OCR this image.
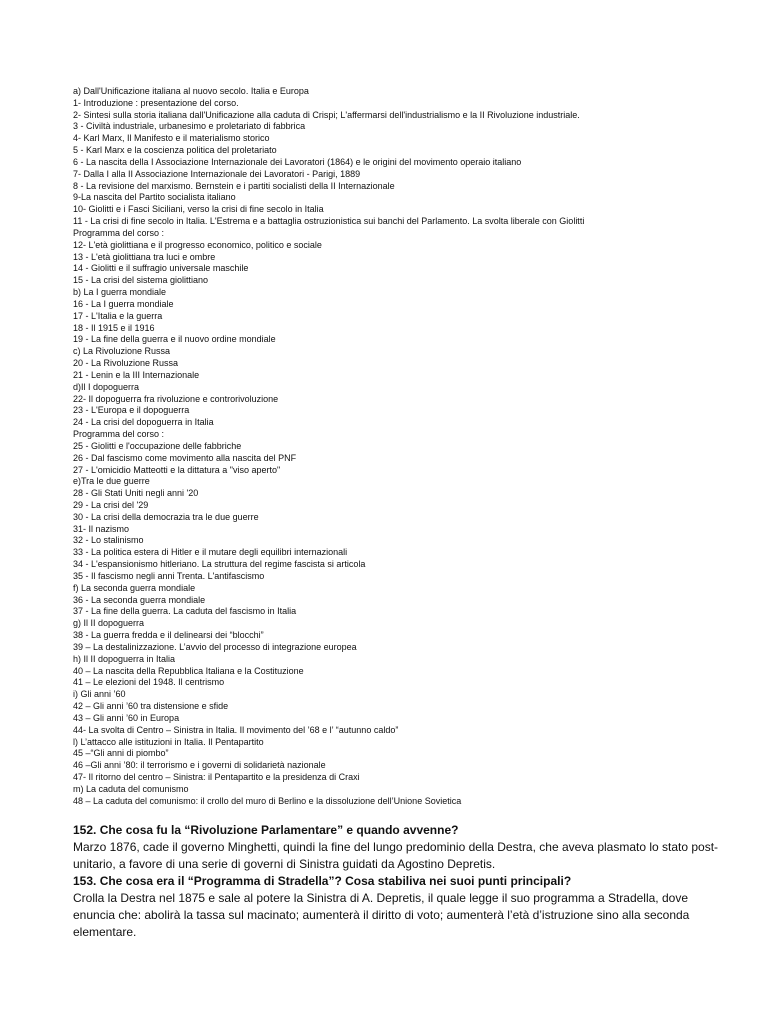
a) Dall'Unificazione italiana al nuovo secolo. Italia e Europa
1- Introduzione : presentazione del corso.
2- Sintesi sulla storia italiana dall'Unificazione alla caduta di Crispi; L'affermarsi dell'industrialismo e la II Rivoluzione industriale.
3 - Civiltà industriale, urbanesimo e proletariato di fabbrica
4- Karl Marx, Il Manifesto e il materialismo storico
5 - Karl Marx e la coscienza politica del proletariato
6 - La nascita della I Associazione Internazionale dei Lavoratori (1864) e le origini del movimento operaio italiano
7- Dalla I alla II Associazione Internazionale dei Lavoratori - Parigi, 1889
8 - La revisione del marxismo. Bernstein e i partiti socialisti della II Internazionale
9-La nascita del Partito socialista italiano
10- Giolitti e i Fasci Siciliani, verso la crisi di fine secolo in Italia
11 - La crisi di fine secolo in Italia. L'Estrema e a battaglia ostruzionistica sui banchi del Parlamento. La svolta liberale con Giolitti
Programma del corso :
12- L'età giolittiana e il progresso economico, politico e sociale
13 - L'età giolittiana tra luci e ombre
14 - Giolitti e il suffragio universale maschile
15 - La crisi del sistema giolittiano
b) La I guerra mondiale
16 - La I guerra mondiale
17 - L'Italia e la guerra
18 - Il 1915 e il 1916
19 - La fine della guerra e il nuovo ordine mondiale
c) La Rivoluzione Russa
20 - La Rivoluzione Russa
21 - Lenin e la III Internazionale
d)Il I dopoguerra
22- Il dopoguerra fra rivoluzione e controrivoluzione
23 - L'Europa e il dopoguerra
24 - La crisi del dopoguerra in Italia
Programma del corso :
25 - Giolitti e l'occupazione delle fabbriche
26 - Dal fascismo come movimento alla nascita del PNF
27 - L'omicidio Matteotti e la dittatura a "viso aperto"
e)Tra le due guerre
28 - Gli Stati Uniti negli anni '20
29 - La crisi del '29
30 - La crisi della democrazia tra le due guerre
31- Il nazismo
32 - Lo stalinismo
33 - La politica estera di Hitler e il mutare degli equilibri internazionali
34 - L'espansionismo hitleriano. La struttura del regime fascista si articola
35 - Il fascismo negli anni Trenta. L'antifascismo
f) La seconda guerra mondiale
36 - La seconda guerra mondiale
37 - La fine della guerra. La caduta del fascismo in Italia
g) Il II dopoguerra
38 - La guerra fredda e il delinearsi dei “blocchi”
39 – La destalinizzazione. L’avvio del processo di integrazione europea
h) Il II dopoguerra in Italia
40 – La nascita della Repubblica Italiana e la Costituzione
41 – Le elezioni del 1948. Il centrismo
i) Gli anni ’60
42 – Gli anni ’60 tra distensione e sfide
43 – Gli anni ’60 in Europa
44- La svolta di Centro – Sinistra in Italia. Il movimento del ’68 e l’ “autunno caldo”
l) L’attacco alle istituzioni in Italia. Il Pentapartito
45 –“Gli anni di piombo”
46 –Gli anni ’80: il terrorismo e i governi di solidarietà nazionale
47- Il ritorno del centro – Sinistra: il Pentapartito e la presidenza di Craxi
m) La caduta del comunismo
48 – La caduta del comunismo: il crollo del muro di Berlino e la dissoluzione dell’Unione Sovietica

152. Che cosa fu la “Rivoluzione Parlamentare” e quando avvenne?

Marzo 1876, cade il governo Minghetti, quindi la fine del lungo predominio della Destra, che aveva plasmato lo stato post-unitario, a favore di una serie di governi di Sinistra guidati da Agostino Depretis.

153. Che cosa era il “Programma di Stradella”? Cosa stabiliva nei suoi punti principali?

Crolla la Destra nel 1875 e sale al potere la Sinistra di A. Depretis, il quale legge il suo programma a Stradella, dove enuncia che: abolirà la tassa sul macinato; aumenterà il diritto di voto; aumenterà l’età d’istruzione sino alla seconda elementare.
